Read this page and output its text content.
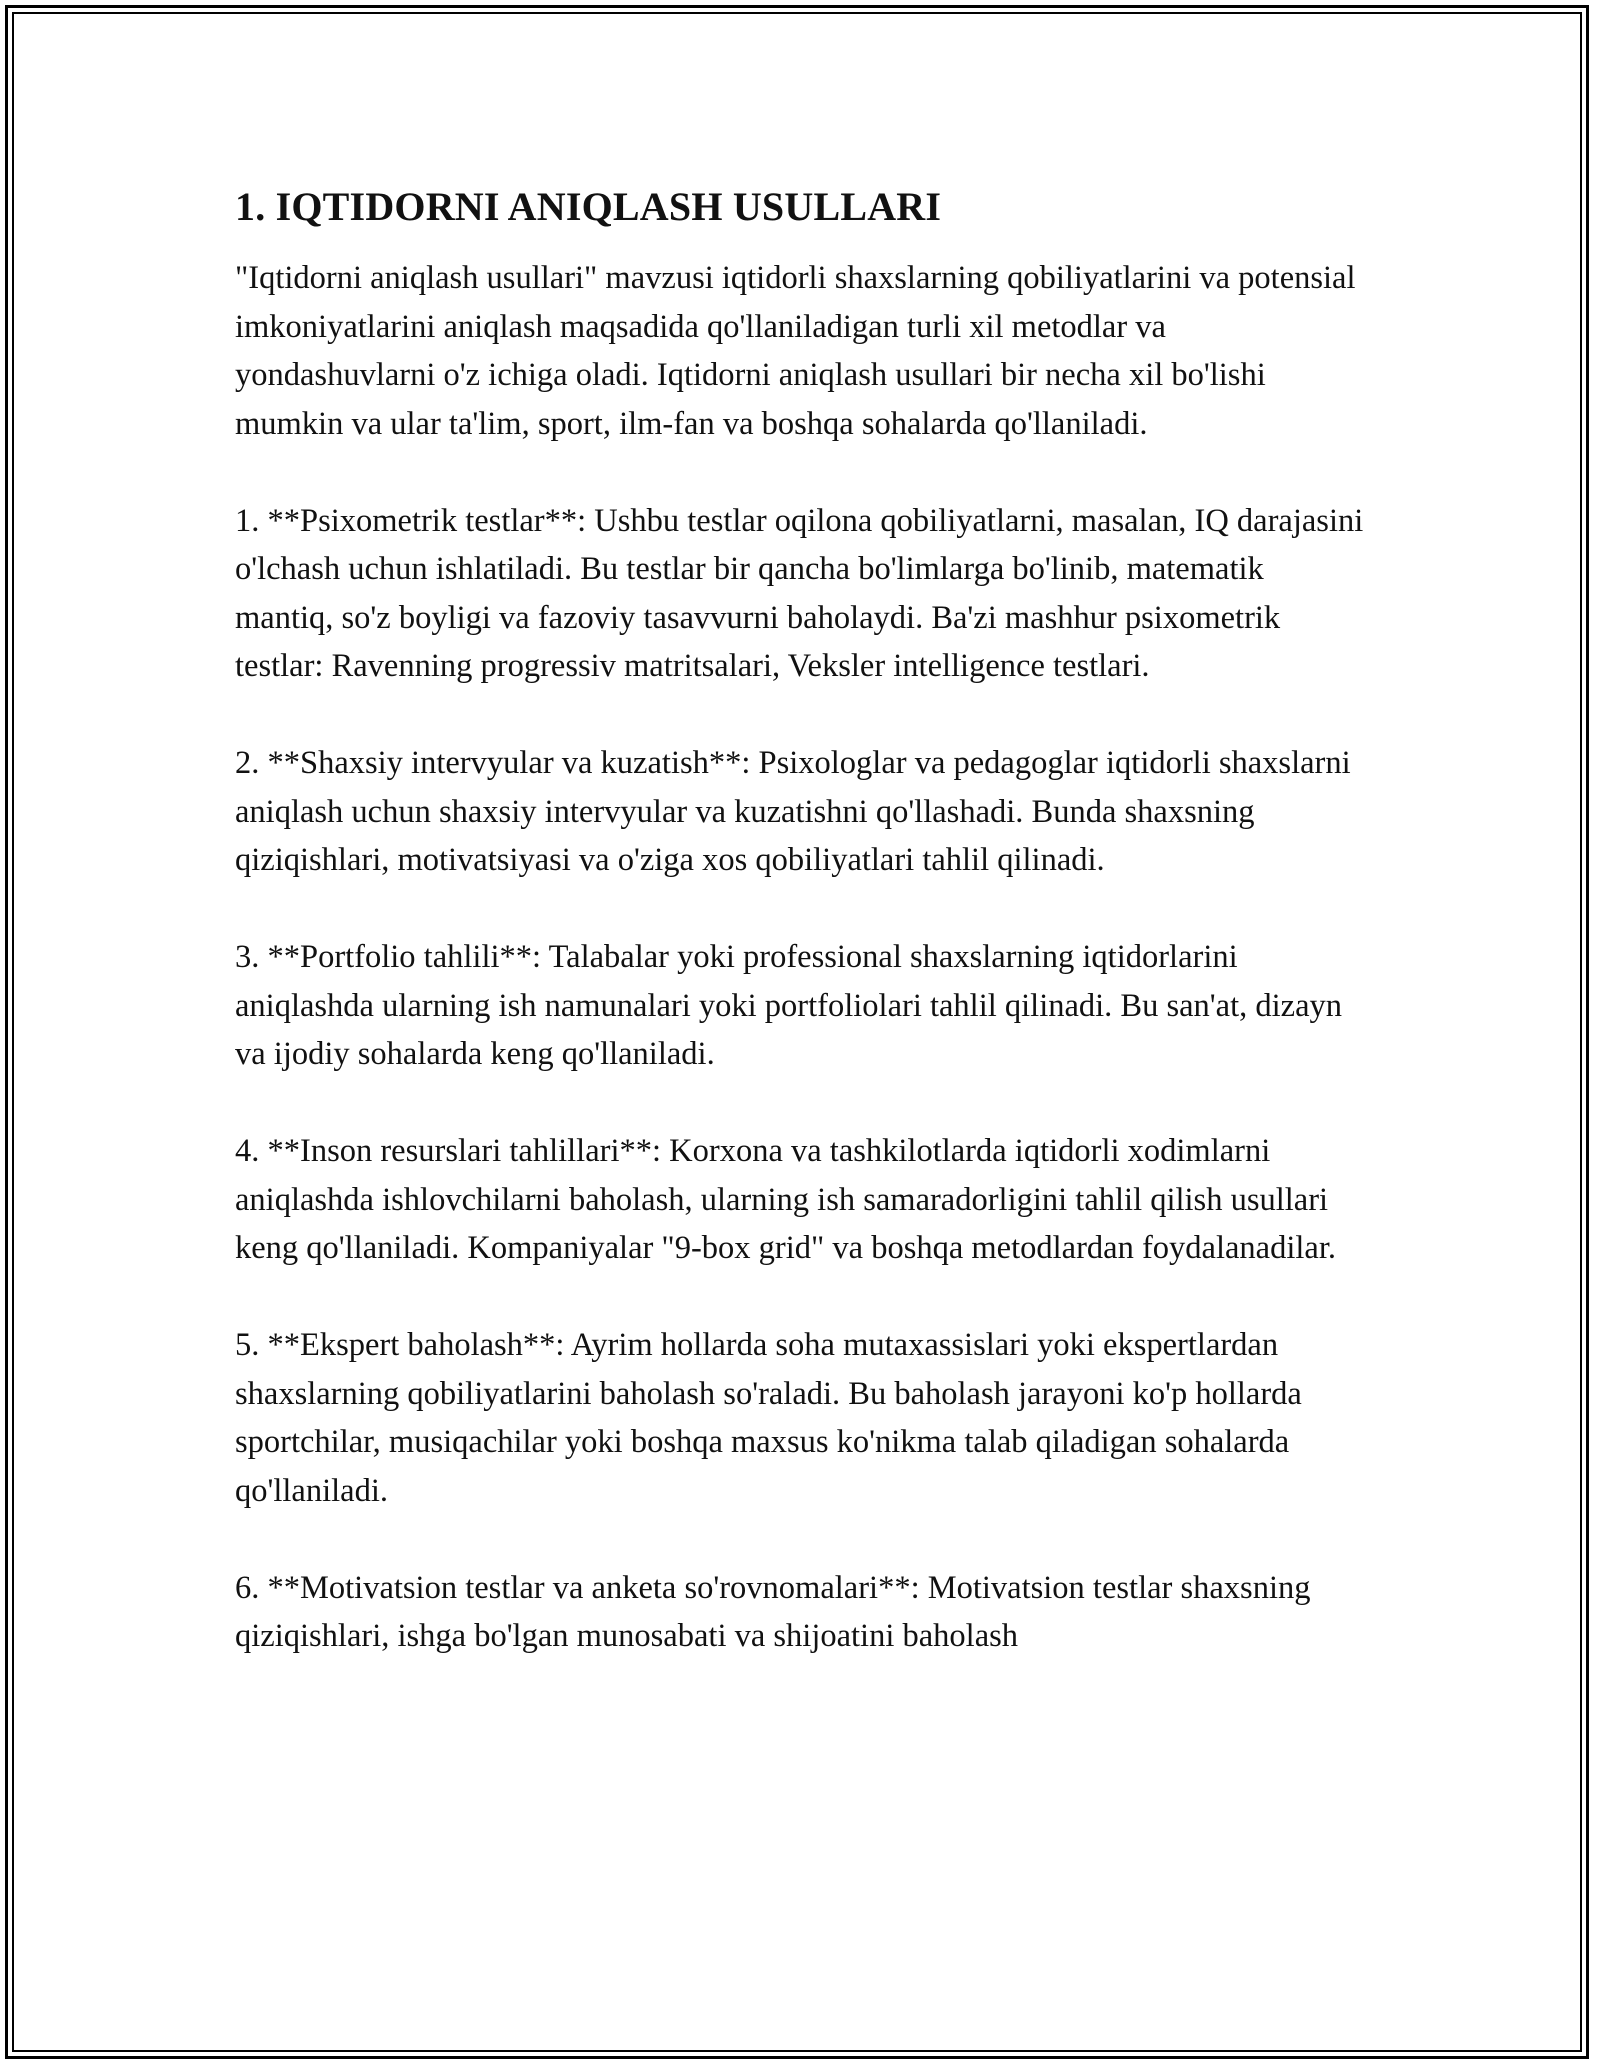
1. IQTIDORNI ANIQLASH USULLARI

"Iqtidorni aniqlash usullari" mavzusi iqtidorli shaxslarning qobiliyatlarini va potensial imkoniyatlarini aniqlash maqsadida qo'llaniladigan turli xil metodlar va yondashuvlarni o'z ichiga oladi. Iqtidorni aniqlash usullari bir necha xil bo'lishi mumkin va ular ta'lim, sport, ilm-fan va boshqa sohalarda qo'llaniladi.

1. **Psixometrik testlar**: Ushbu testlar oqilona qobiliyatlarni, masalan, IQ darajasini o'lchash uchun ishlatiladi. Bu testlar bir qancha bo'limlarga bo'linib, matematik mantiq, so'z boyligi va fazoviy tasavvurni baholaydi. Ba'zi mashhur psixometrik testlar: Ravenning progressiv matritsalari, Veksler intelligence testlari.

2. **Shaxsiy intervyular va kuzatish**: Psixologlar va pedagoglar iqtidorli shaxslarni aniqlash uchun shaxsiy intervyular va kuzatishni qo'llashadi. Bunda shaxsning qiziqishlari, motivatsiyasi va o'ziga xos qobiliyatlari tahlil qilinadi.

3. **Portfolio tahlili**: Talabalar yoki professional shaxslarning iqtidorlarini aniqlashda ularning ish namunalari yoki portfoliolari tahlil qilinadi. Bu san'at, dizayn va ijodiy sohalarda keng qo'llaniladi.

4. **Inson resurslari tahlillari**: Korxona va tashkilotlarda iqtidorli xodimlarni aniqlashda ishlovchilarni baholash, ularning ish samaradorligini tahlil qilish usullari keng qo'llaniladi. Kompaniyalar "9-box grid" va boshqa metodlardan foydalanadilar.

5. **Ekspert baholash**: Ayrim hollarda soha mutaxassislari yoki ekspertlardan shaxslarning qobiliyatlarini baholash so'raladi. Bu baholash jarayoni ko'p hollarda sportchilar, musiqachilar yoki boshqa maxsus ko'nikma talab qiladigan sohalarda qo'llaniladi.

6. **Motivatsion testlar va anketa so'rovnomalari**: Motivatsion testlar shaxsning qiziqishlari, ishga bo'lgan munosabati va shijoatini baholash
